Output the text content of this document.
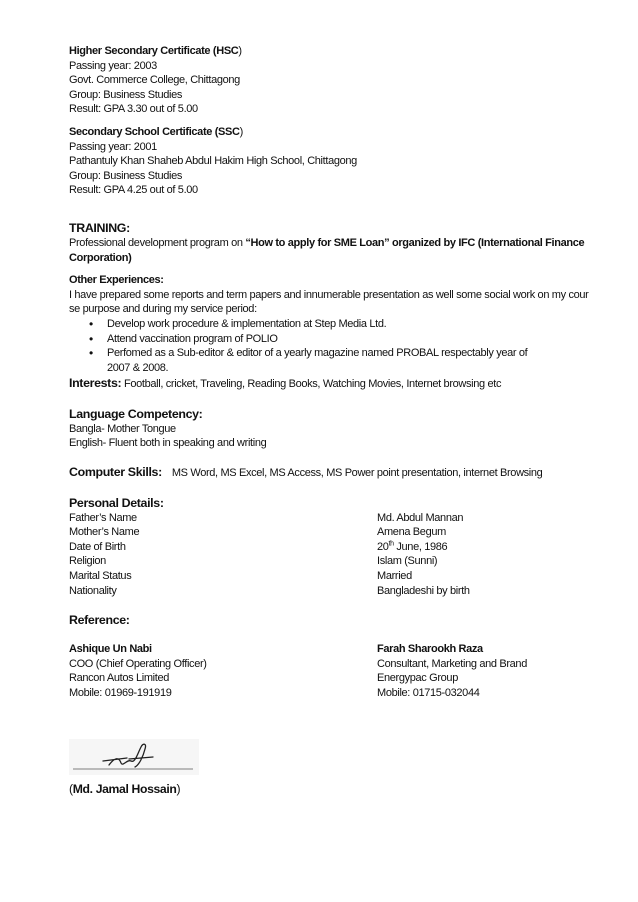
Higher Secondary Certificate (HSC)
Passing year: 2003
Govt. Commerce College, Chittagong
Group: Business Studies
Result: GPA 3.30 out of 5.00
Secondary School Certificate (SSC)
Passing year: 2001
Pathantuly Khan Shaheb Abdul Hakim High School, Chittagong
Group: Business Studies
Result: GPA 4.25 out of 5.00
TRAINING:
Professional development program on “How to apply for SME Loan” organized by IFC (International Finance Corporation)
Other Experiences:
I have prepared some reports and term papers and innumerable presentation as well some social work on my course purpose and during my service period:
• Develop work procedure & implementation at Step Media Ltd.
• Attend vaccination program of POLIO
• Perfomed as a Sub-editor & editor of a yearly magazine named PROBAL respectably year of 2007 & 2008.
Interests: Football, cricket, Traveling, Reading Books, Watching Movies, Internet browsing etc
Language Competency:
Bangla- Mother Tongue
English- Fluent both in speaking and writing
Computer Skills: MS Word, MS Excel, MS Access, MS Power point presentation, internet Browsing
Personal Details:
Father’s Name	Md. Abdul Mannan
Mother’s Name	Amena Begum
Date of Birth	20th June, 1986
Religion	Islam (Sunni)
Marital Status	Married
Nationality	Bangladeshi by birth
Reference:
Ashique Un Nabi	Farah Sharookh Raza
COO (Chief Operating Officer)	Consultant, Marketing and Brand
Rancon Autos Limited	Energypac Group
Mobile: 01969-191919	Mobile: 01715-032044
(Md. Jamal Hossain)
